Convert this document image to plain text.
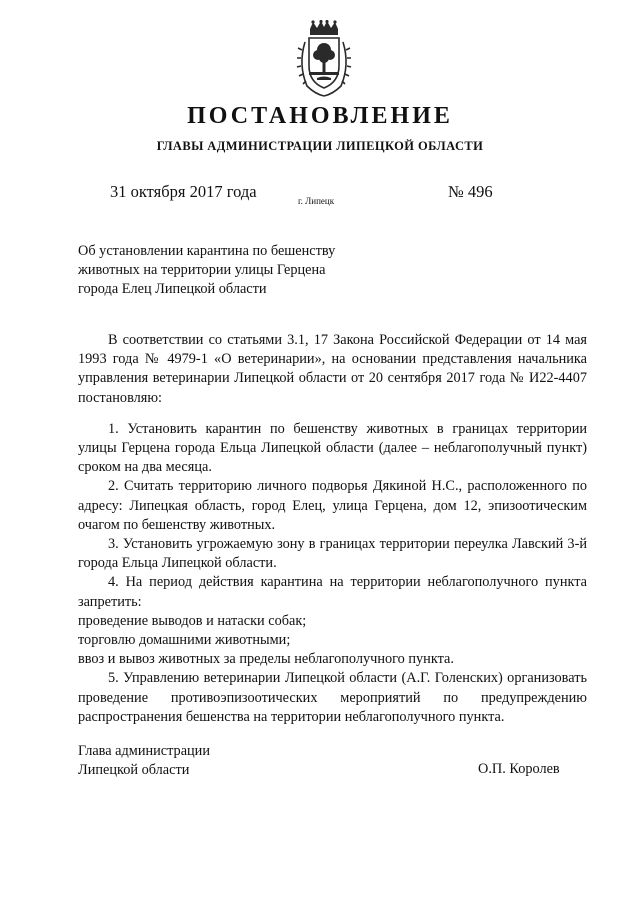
ПОСТАНОВЛЕНИЕ
ГЛАВЫ АДМИНИСТРАЦИИ ЛИПЕЦКОЙ ОБЛАСТИ
31 октября 2017 года	г. Липецк	№ 496
Об установлении карантина по бешенству
животных на территории улицы Герцена
города Елец Липецкой области

В соответствии со статьями 3.1, 17 Закона Российской Федерации от 14 мая 1993 года № 4979-1 «О ветеринарии», на основании представления начальника управления ветеринарии Липецкой области от 20 сентября 2017 года № И22-4407 постановляю:

1. Установить карантин по бешенству животных в границах территории улицы Герцена города Ельца Липецкой области (далее – неблагополучный пункт) сроком на два месяца.

2. Считать территорию личного подворья Дякиной Н.С., расположенного по адресу: Липецкая область, город Елец, улица Герцена, дом 12, эпизоотическим очагом по бешенству животных.

3. Установить угрожаемую зону в границах территории переулка Лавский 3-й города Ельца Липецкой области.

4. На период действия карантина на территории неблагополучного пункта запретить:

проведение выводов и натаски собак;

торговлю домашними животными;

ввоз и вывоз животных за пределы неблагополучного пункта.

5. Управлению ветеринарии Липецкой области (А.Г. Голенских) организовать проведение противоэпизоотических мероприятий по предупреждению распространения бешенства на территории неблагополучного пункта.

Глава администрации
Липецкой области	О.П. Королев
